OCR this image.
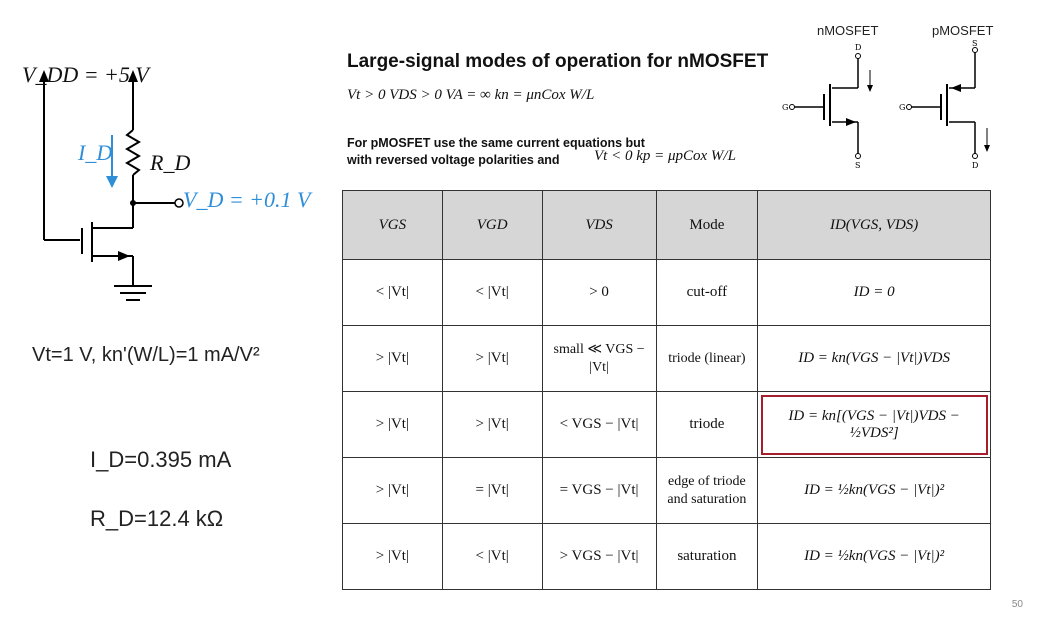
V_DD = +5 V
I_D R_D
V_D = +0.1 V
Vt=1 V, kn'(W/L)=1 mA/V²
I_D=0.395 mA
R_D=12.4 kΩ
Large-signal modes of operation for nMOSFET
Vt > 0 VDS > 0 VA = ∞ kn = μnCox W/L
For pMOSFET use the same current equations but
with reversed voltage polarities and	Vt < 0 kp = μpCox W/L
nMOSFET	pMOSFET
D
G
S
S
G
D
VGS	VGD	VDS	Mode	ID(VGS, VDS)
< |Vt|	< |Vt|	> 0	cut-off	ID = 0
> |Vt|	> |Vt|	small ≪ VGS − |Vt|	triode (linear)	ID = kn(VGS − |Vt|)VDS
> |Vt|	> |Vt|	< VGS − |Vt|	triode	ID = kn[(VGS − |Vt|)VDS − ½VDS²]
> |Vt|	= |Vt|	= VGS − |Vt|	edge of triode and saturation	ID = ½kn(VGS − |Vt|)²
> |Vt|	< |Vt|	> VGS − |Vt|	saturation	ID = ½kn(VGS − |Vt|)²
50
